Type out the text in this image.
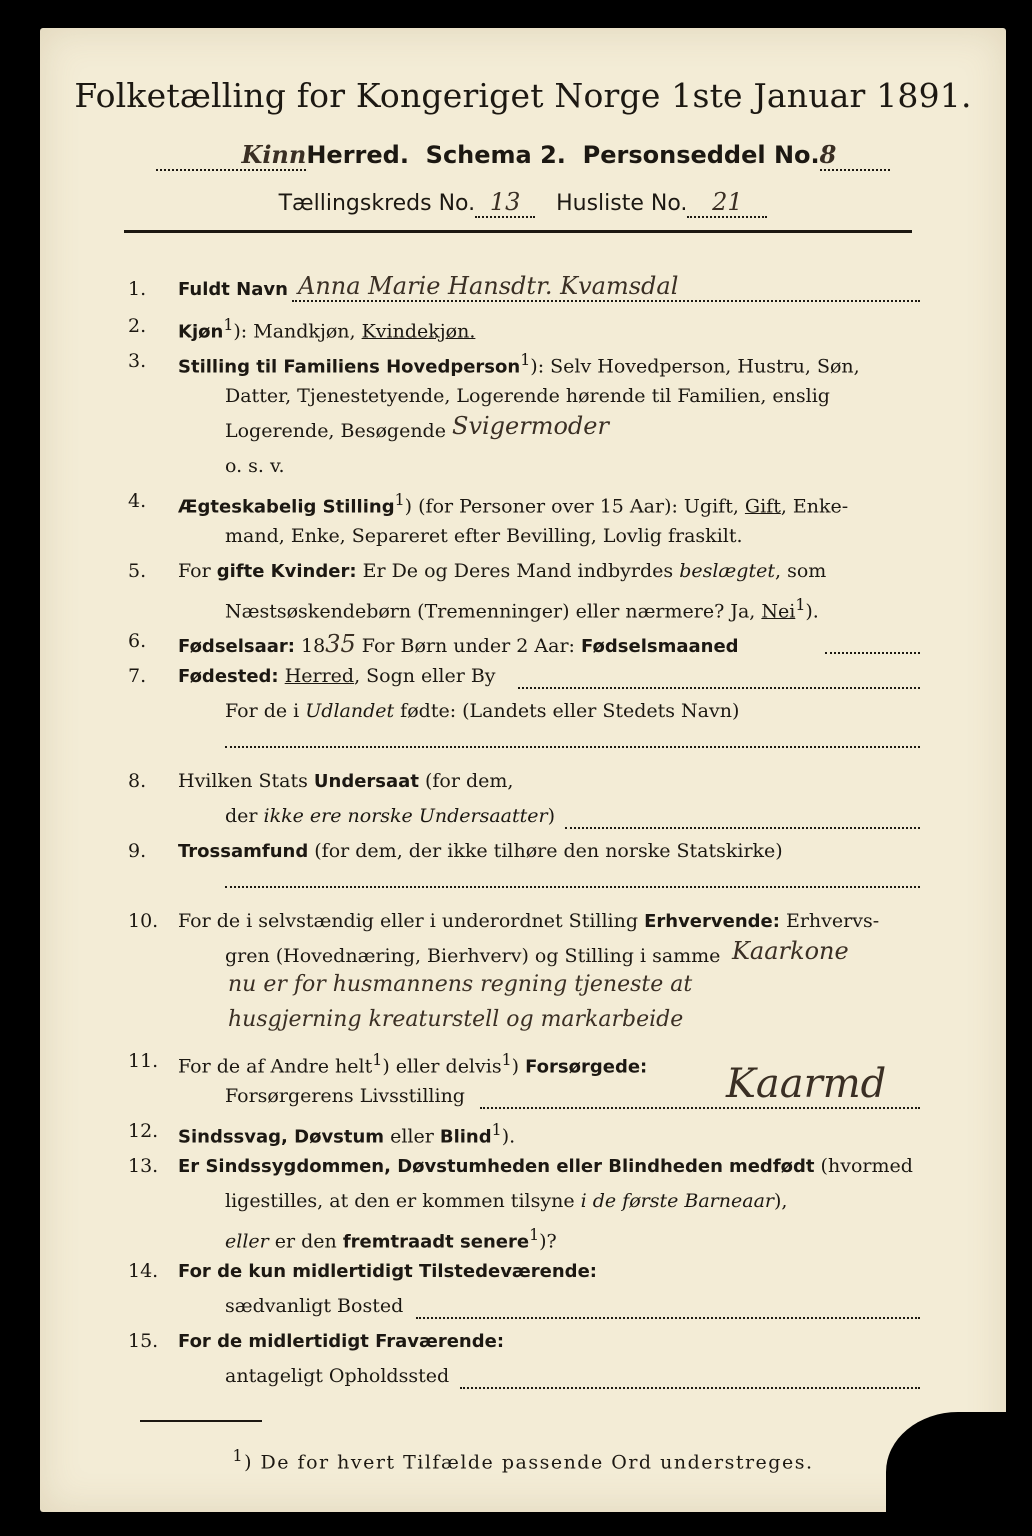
Folketælling for Kongeriget Norge 1ste Januar 1891.
KinnHerred. Schema 2. Personseddel No.8
Tællingskreds No. 13 Husliste No. 21
1. Fuldt Navn Anna Marie Hansdtr. Kvamsdal
2. Kjøn$^1$): Mandkjøn, Kvindekjøn.
3. Stilling til Familiens Hovedperson$^1$): Selv Hovedperson, Hustru, Søn,
Datter, Tjenestetyende, Logerende hørende til Familien, enslig
Logerende, Besøgende Svigermoder
o. s. v.
4. Ægteskabelig Stilling$^1$) (for Personer over 15 Aar): Ugift, Gift, Enke-
mand, Enke, Separeret efter Bevilling, Lovlig fraskilt.
5. For gifte Kvinder: Er De og Deres Mand indbyrdes beslægtet, som
Næstsøskendebørn (Tremenninger) eller nærmere? Ja, Nei$^1$).
6. Fødselsaar: 1835 For Børn under 2 Aar: Fødselsmaaned
7. Fødested: Herred, Sogn eller By
For de i Udlandet fødte: (Landets eller Stedets Navn)
8. Hvilken Stats Undersaat (for dem,
der ikke ere norske Undersaatter)
9. Trossamfund (for dem, der ikke tilhøre den norske Statskirke)
10. For de i selvstændig eller i underordnet Stilling Erhvervende: Erhvervs-
gren (Hovednæring, Bierhverv) og Stilling i samme Kaarkone
nu er for husmannens regning tjeneste at
husgjerning kreaturstell og markarbeide
11. For de af Andre helt$^1$) eller delvis$^1$) Forsørgede:
Forsørgerens Livsstilling	Kaarmd
12. Sindssvag, Døvstum eller Blind$^1$).
13. Er Sindssygdommen, Døvstumheden eller Blindheden medfødt (hvormed
ligestilles, at den er kommen tilsyne i de første Barneaar),
eller er den fremtraadt senere$^1$)?
14. For de kun midlertidigt Tilstedeværende:
sædvanligt Bosted
15. For de midlertidigt Fraværende:
antageligt Opholdssted
$^1$) De for hvert Tilfælde passende Ord understreges.
